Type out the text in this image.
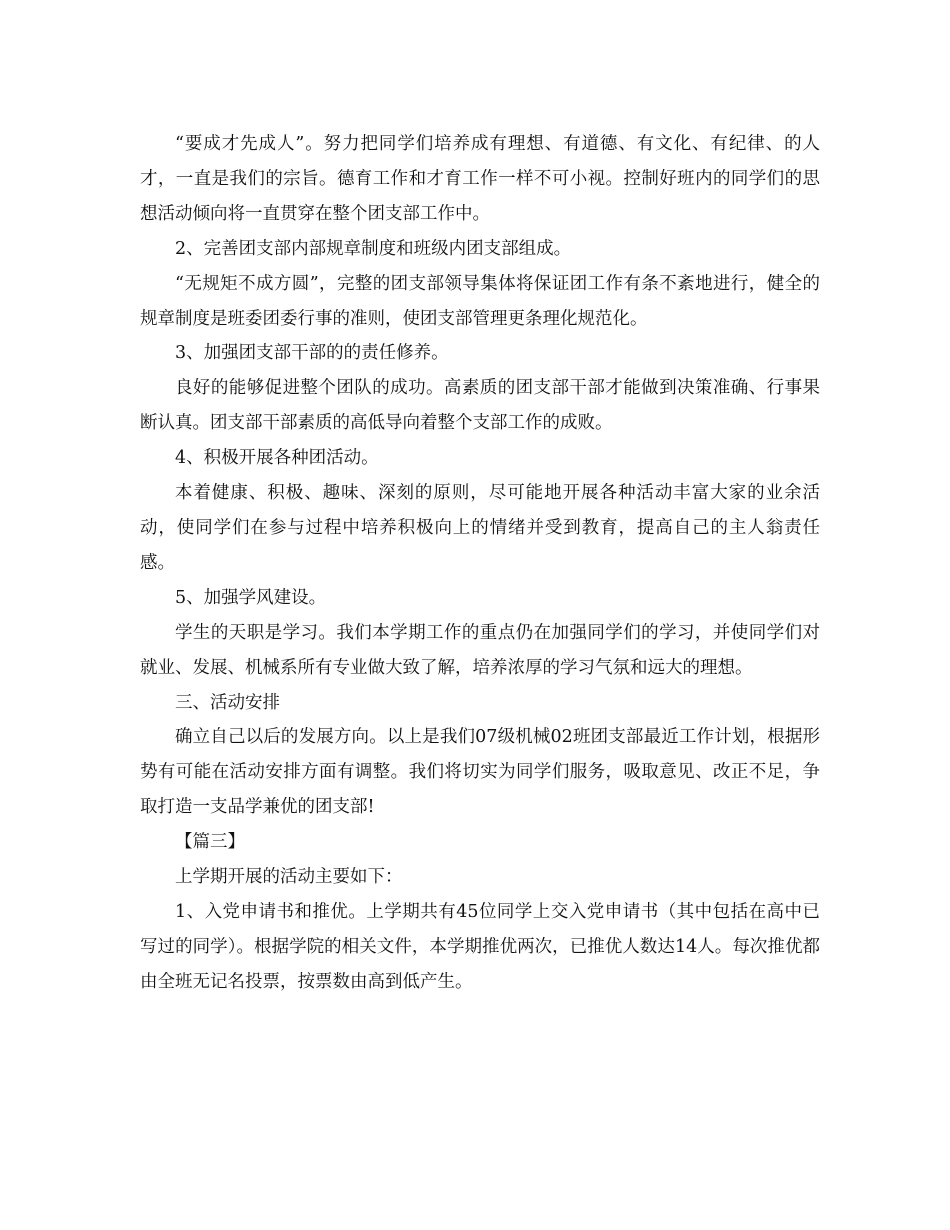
“要成才先成人”。努力把同学们培养成有理想、有道德、有文化、有纪律、的人才，一直是我们的宗旨。德育工作和才育工作一样不可小视。控制好班内的同学们的思想活动倾向将一直贯穿在整个团支部工作中。

2、完善团支部内部规章制度和班级内团支部组成。

“无规矩不成方圆”，完整的团支部领导集体将保证团工作有条不紊地进行，健全的规章制度是班委团委行事的准则，使团支部管理更条理化规范化。

3、加强团支部干部的的责任修养。

良好的能够促进整个团队的成功。高素质的团支部干部才能做到决策准确、行事果断认真。团支部干部素质的高低导向着整个支部工作的成败。

4、积极开展各种团活动。

本着健康、积极、趣味、深刻的原则，尽可能地开展各种活动丰富大家的业余活动，使同学们在参与过程中培养积极向上的情绪并受到教育，提高自己的主人翁责任感。

5、加强学风建设。

学生的天职是学习。我们本学期工作的重点仍在加强同学们的学习，并使同学们对就业、发展、机械系所有专业做大致了解，培养浓厚的学习气氛和远大的理想。

三、活动安排

确立自己以后的发展方向。以上是我们07级机械02班团支部最近工作计划，根据形势有可能在活动安排方面有调整。我们将切实为同学们服务，吸取意见、改正不足，争取打造一支品学兼优的团支部!

【篇三】

上学期开展的活动主要如下：

1、入党申请书和推优。上学期共有45位同学上交入党申请书（其中包括在高中已写过的同学）。根据学院的相关文件，本学期推优两次，已推优人数达14人。每次推优都由全班无记名投票，按票数由高到低产生。
